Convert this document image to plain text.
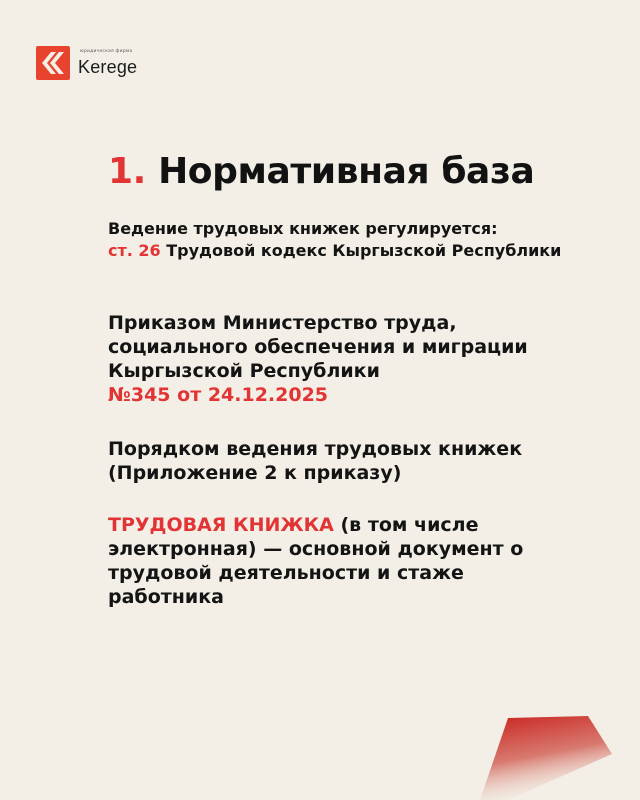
юридическая фирма
Kerege
1. Нормативная база

Ведение трудовых книжек регулируется:
ст. 26 Трудовой кодекс Кыргызской Республики

Приказом Министерство труда, социального обеспечения и миграции Кыргызской Республики
№345 от 24.12.2025

Порядком ведения трудовых книжек (Приложение 2 к приказу)

ТРУДОВАЯ КНИЖКА (в том числе электронная) — основной документ о трудовой деятельности и стаже работника
